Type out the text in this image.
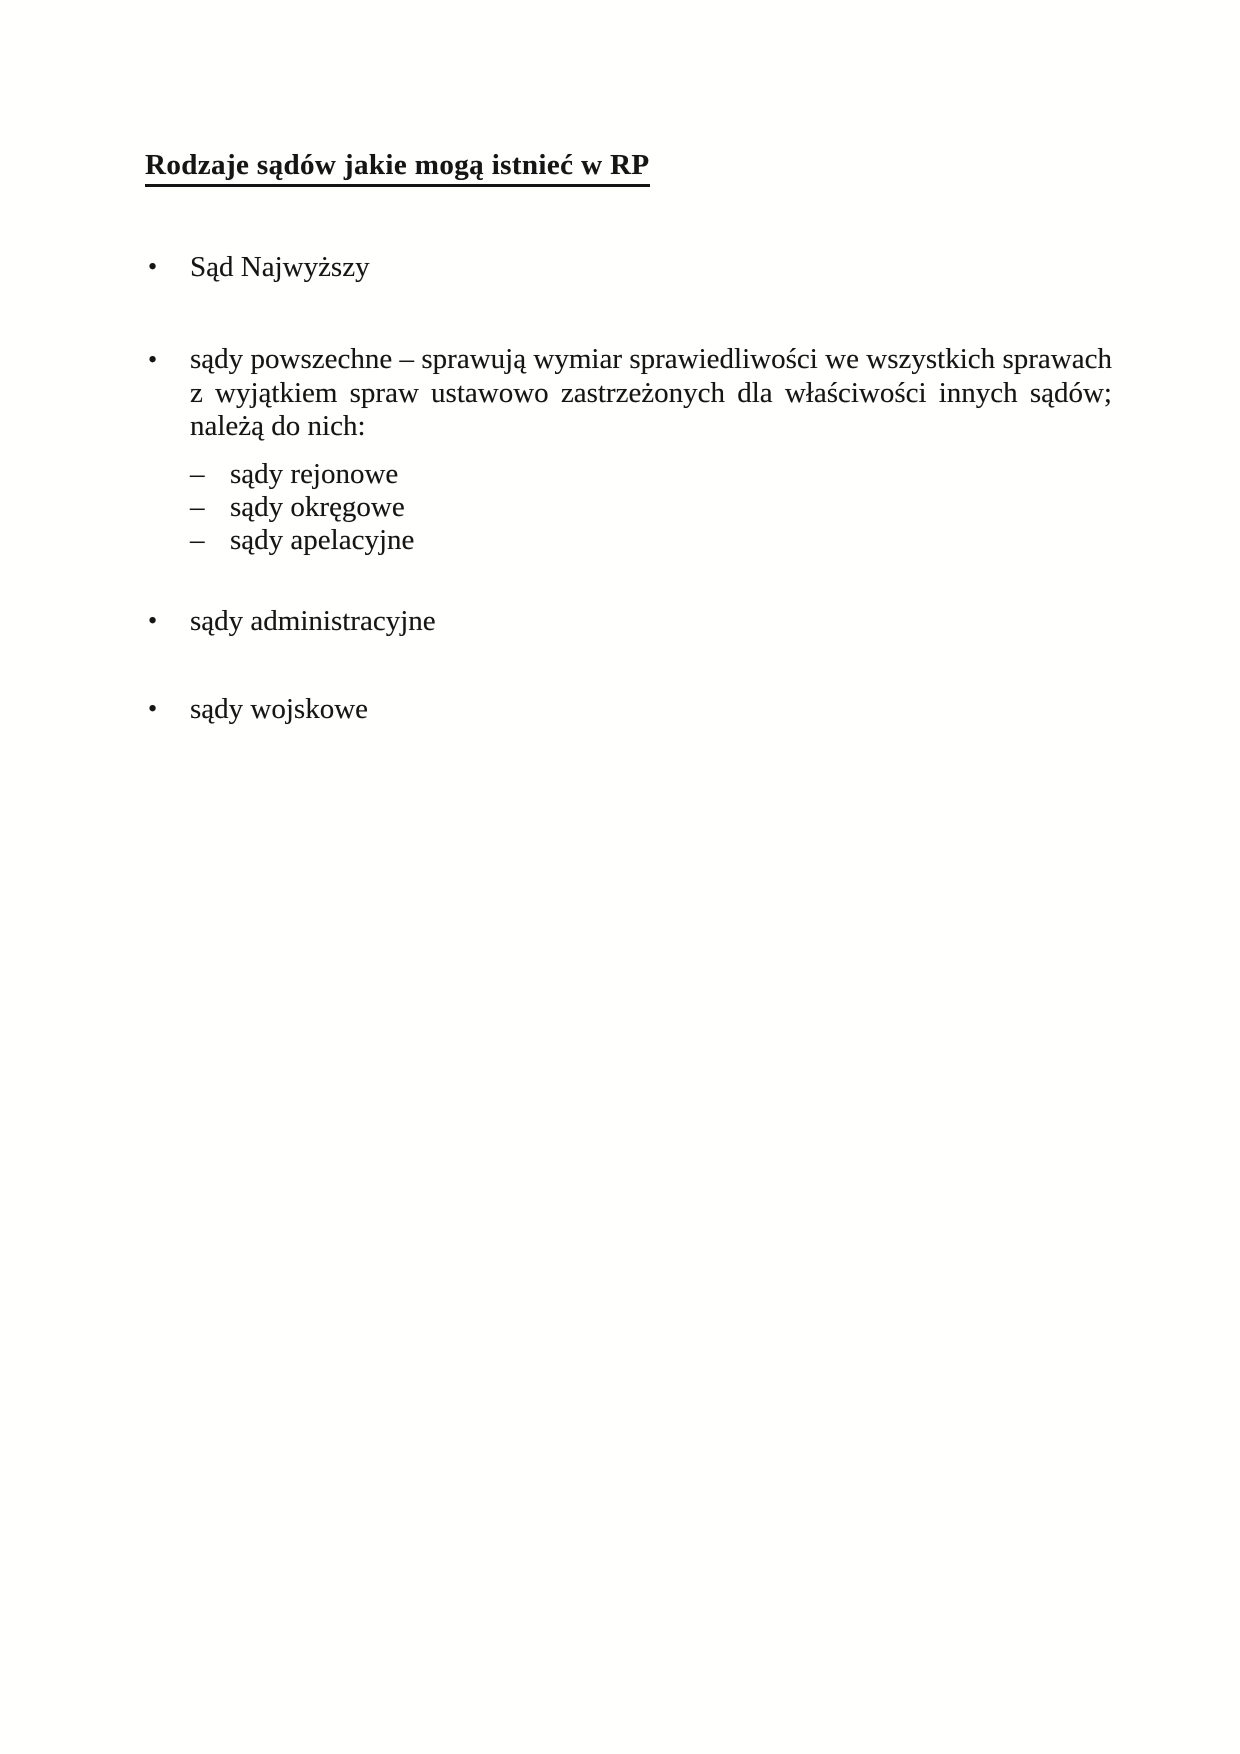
Rodzaje sądów jakie mogą istnieć w RP
•	Sąd Najwyższy
•	sądy powszechne – sprawują wymiar sprawiedliwości we wszystkich sprawach z wyjątkiem spraw ustawowo zastrzeżonych dla właściwości innych sądów; należą do nich:
– sądy rejonowe
– sądy okręgowe
– sądy apelacyjne
•	sądy administracyjne
•	sądy wojskowe
